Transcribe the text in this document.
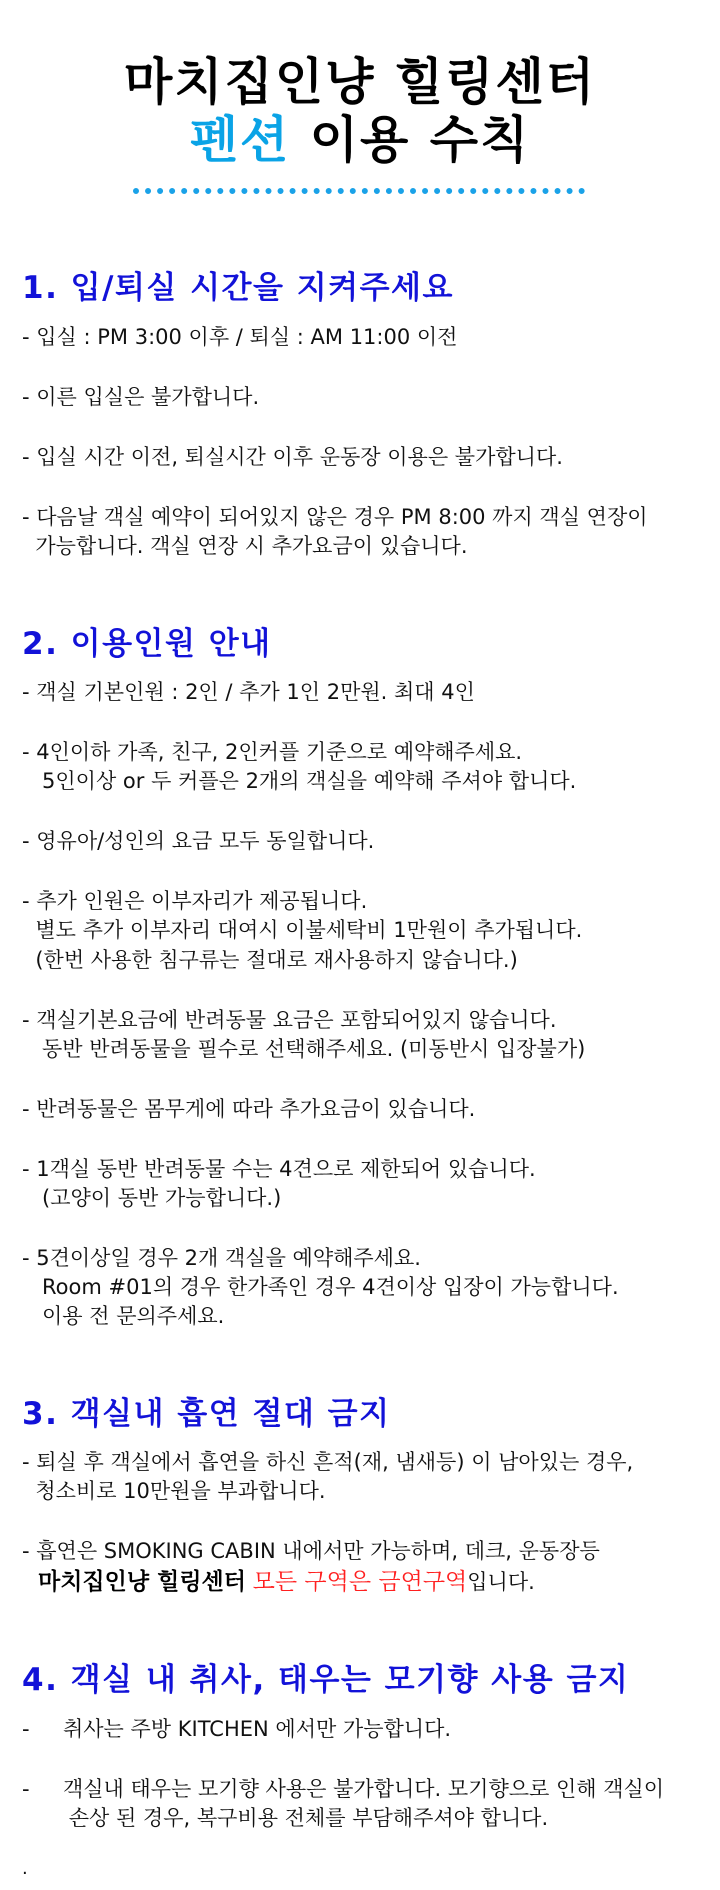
마치집인냥 힐링센터
펜션 이용 수칙
1. 입/퇴실 시간을 지켜주세요
- 입실 : PM 3:00 이후 / 퇴실 : AM 11:00 이전
- 이른 입실은 불가합니다.
- 입실 시간 이전, 퇴실시간 이후 운동장 이용은 불가합니다.
- 다음날 객실 예약이 되어있지 않은 경우 PM 8:00 까지 객실 연장이
가능합니다. 객실 연장 시 추가요금이 있습니다.
2. 이용인원 안내
- 객실 기본인원 : 2인 / 추가 1인 2만원. 최대 4인
- 4인이하 가족, 친구, 2인커플 기준으로 예약해주세요.
5인이상 or 두 커플은 2개의 객실을 예약해 주셔야 합니다.
- 영유아/성인의 요금 모두 동일합니다.
- 추가 인원은 이부자리가 제공됩니다.
별도 추가 이부자리 대여시 이불세탁비 1만원이 추가됩니다.
(한번 사용한 침구류는 절대로 재사용하지 않습니다.)
- 객실기본요금에 반려동물 요금은 포함되어있지 않습니다.
동반 반려동물을 필수로 선택해주세요. (미동반시 입장불가)
- 반려동물은 몸무게에 따라 추가요금이 있습니다.
- 1객실 동반 반려동물 수는 4견으로 제한되어 있습니다.
(고양이 동반 가능합니다.)
- 5견이상일 경우 2개 객실을 예약해주세요.
Room #01의 경우 한가족인 경우 4견이상 입장이 가능합니다.
이용 전 문의주세요.
3. 객실내 흡연 절대 금지
- 퇴실 후 객실에서 흡연을 하신 흔적(재, 냄새등) 이 남아있는 경우,
청소비로 10만원을 부과합니다.
- 흡연은 SMOKING CABIN 내에서만 가능하며, 데크, 운동장등
마치집인냥 힐링센터 모든 구역은 금연구역입니다.
4. 객실 내 취사, 태우는 모기향 사용 금지
-     취사는 주방 KITCHEN 에서만 가능합니다.
-     객실내 태우는 모기향 사용은 불가합니다. 모기향으로 인해 객실이
손상 된 경우, 복구비용 전체를 부담해주셔야 합니다.
.
